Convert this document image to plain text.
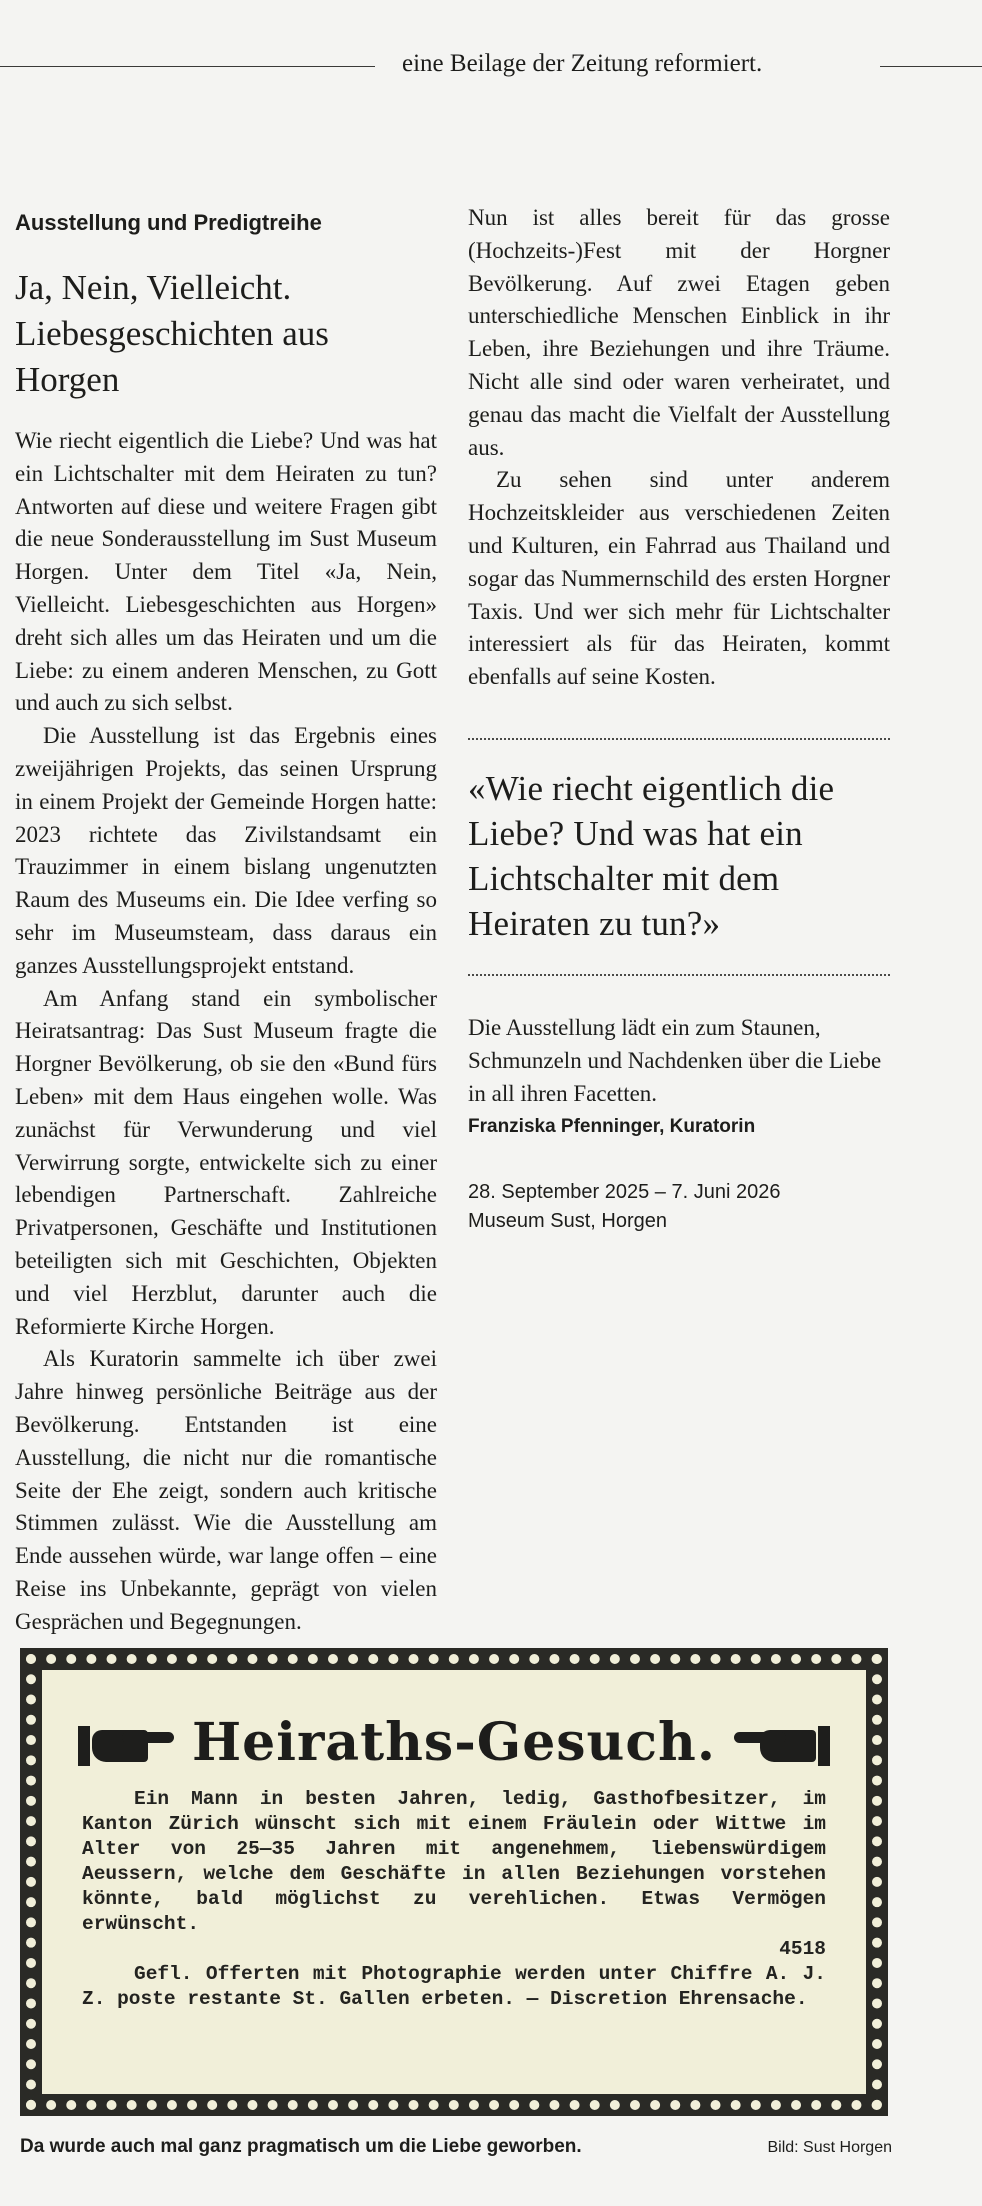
eine Beilage der Zeitung reformiert.
Ausstellung und Predigtreihe
Ja, Nein, Vielleicht. Liebesgeschichten aus Horgen

Wie riecht eigentlich die Liebe? Und was hat ein Lichtschalter mit dem Heiraten zu tun? Antworten auf diese und weitere Fragen gibt die neue Sonderausstellung im Sust Museum Horgen. Unter dem Titel «Ja, Nein, Vielleicht. Liebesgeschichten aus Horgen» dreht sich alles um das Heiraten und um die Liebe: zu einem anderen Menschen, zu Gott und auch zu sich selbst.

Die Ausstellung ist das Ergebnis eines zweijährigen Projekts, das seinen Ursprung in einem Projekt der Gemeinde Horgen hatte: 2023 richtete das Zivilstandsamt ein Trauzimmer in einem bislang ungenutzten Raum des Museums ein. Die Idee verfing so sehr im Museumsteam, dass daraus ein ganzes Ausstellungsprojekt entstand.

Am Anfang stand ein symbolischer Heiratsantrag: Das Sust Museum fragte die Horgner Bevölkerung, ob sie den «Bund fürs Leben» mit dem Haus eingehen wolle. Was zunächst für Verwunderung und viel Verwirrung sorgte, entwickelte sich zu einer lebendigen Partnerschaft. Zahlreiche Privatpersonen, Geschäfte und Institutionen beteiligten sich mit Geschichten, Objekten und viel Herzblut, darunter auch die Reformierte Kirche Horgen.

Als Kuratorin sammelte ich über zwei Jahre hinweg persönliche Beiträge aus der Bevölkerung. Entstanden ist eine Ausstellung, die nicht nur die romantische Seite der Ehe zeigt, sondern auch kritische Stimmen zulässt. Wie die Ausstellung am Ende aussehen würde, war lange offen – eine Reise ins Unbekannte, geprägt von vielen Gesprächen und Begegnungen.

Nun ist alles bereit für das grosse (Hochzeits-)Fest mit der Horgner Bevölkerung. Auf zwei Etagen geben unterschiedliche Menschen Einblick in ihr Leben, ihre Beziehungen und ihre Träume. Nicht alle sind oder waren verheiratet, und genau das macht die Vielfalt der Ausstellung aus.

Zu sehen sind unter anderem Hochzeitskleider aus verschiedenen Zeiten und Kulturen, ein Fahrrad aus Thailand und sogar das Nummernschild des ersten Horgner Taxis. Und wer sich mehr für Lichtschalter interessiert als für das Heiraten, kommt ebenfalls auf seine Kosten.

«Wie riecht eigentlich die Liebe? Und was hat ein Lichtschalter mit dem Heiraten zu tun?»
Die Ausstellung lädt ein zum Staunen, Schmunzeln und Nachdenken über die Liebe in all ihren Facetten.
Franziska Pfenninger, Kuratorin
28. September 2025 – 7. Juni 2026
Museum Sust, Horgen
Heiraths-Gesuch.

Ein Mann in besten Jahren, ledig, Gasthofbesitzer, im Kanton Zürich wünscht sich mit einem Fräulein oder Wittwe im Alter von 25—35 Jahren mit angenehmem, liebenswürdigem Aeussern, welche dem Geschäfte in allen Beziehungen vorstehen könnte, bald möglichst zu verehlichen. Etwas Vermögen erwünscht.

4518

Gefl. Offerten mit Photographie werden unter Chiffre A. J. Z. poste restante St. Gallen erbeten. — Discretion Ehrensache.

Da wurde auch mal ganz pragmatisch um die Liebe geworben.	Bild: Sust Horgen
